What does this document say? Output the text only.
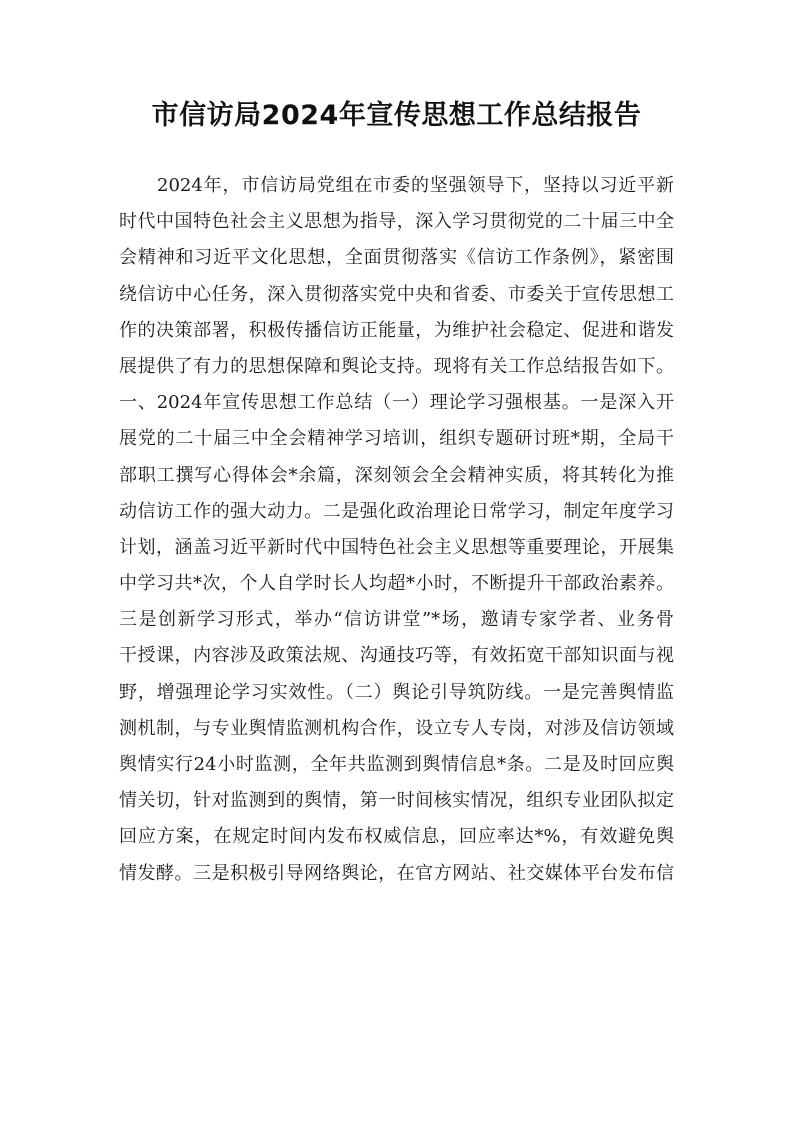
市信访局2024年宣传思想工作总结报告
2024年，市信访局党组在市委的坚强领导下，坚持以习近平新
时代中国特色社会主义思想为指导，深入学习贯彻党的二十届三中全
会精神和习近平文化思想，全面贯彻落实《信访工作条例》，紧密围
绕信访中心任务，深入贯彻落实党中央和省委、市委关于宣传思想工
作的决策部署，积极传播信访正能量，为维护社会稳定、促进和谐发
展提供了有力的思想保障和舆论支持。现将有关工作总结报告如下。
一、2024年宣传思想工作总结（一）理论学习强根基。一是深入开
展党的二十届三中全会精神学习培训，组织专题研讨班*期，全局干
部职工撰写心得体会*余篇，深刻领会全会精神实质，将其转化为推
动信访工作的强大动力。二是强化政治理论日常学习，制定年度学习
计划，涵盖习近平新时代中国特色社会主义思想等重要理论，开展集
中学习共*次，个人自学时长人均超*小时，不断提升干部政治素养。
三是创新学习形式，举办“信访讲堂”*场，邀请专家学者、业务骨
干授课，内容涉及政策法规、沟通技巧等，有效拓宽干部知识面与视
野，增强理论学习实效性。（二）舆论引导筑防线。一是完善舆情监
测机制，与专业舆情监测机构合作，设立专人专岗，对涉及信访领域
舆情实行24小时监测，全年共监测到舆情信息*条。二是及时回应舆
情关切，针对监测到的舆情，第一时间核实情况，组织专业团队拟定
回应方案，在规定时间内发布权威信息，回应率达*%，有效避免舆
情发酵。三是积极引导网络舆论，在官方网站、社交媒体平台发布信
